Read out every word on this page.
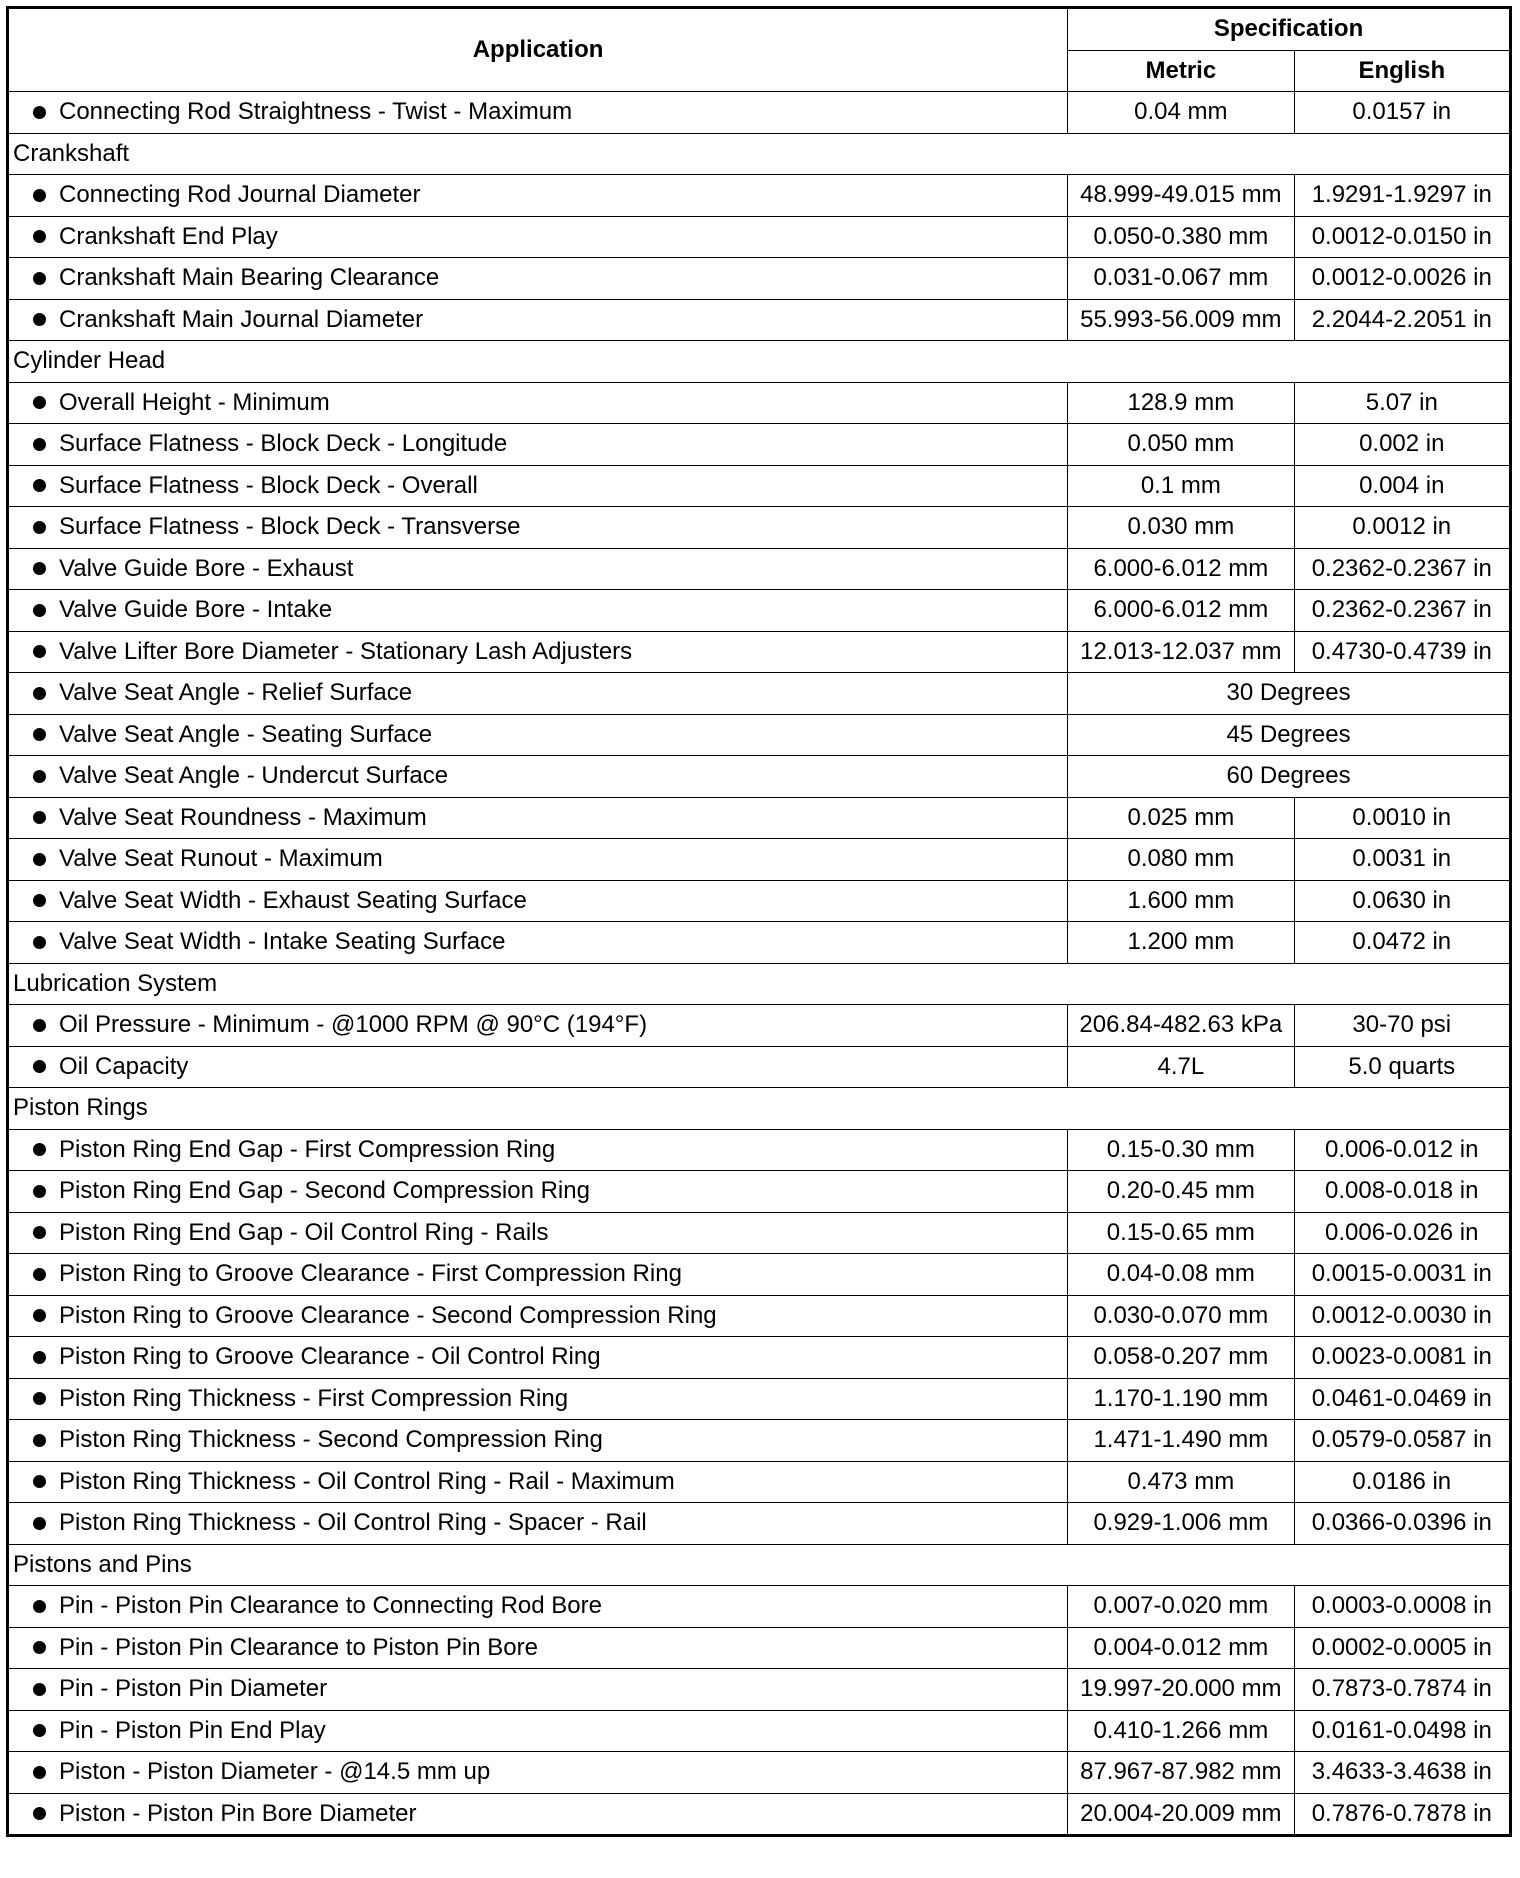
Application	Specification	
	Metric	English

Connecting Rod Straightness - Twist - Maximum	0.04 mm	0.0157 in
Crankshaft		

Connecting Rod Journal Diameter	48.999-49.015 mm	1.9291-1.9297 in

Crankshaft End Play	0.050-0.380 mm	0.0012-0.0150 in

Crankshaft Main Bearing Clearance	0.031-0.067 mm	0.0012-0.0026 in

Crankshaft Main Journal Diameter	55.993-56.009 mm	2.2044-2.2051 in
Cylinder Head		

Overall Height - Minimum	128.9 mm	5.07 in

Surface Flatness - Block Deck - Longitude	0.050 mm	0.002 in

Surface Flatness - Block Deck - Overall	0.1 mm	0.004 in

Surface Flatness - Block Deck - Transverse	0.030 mm	0.0012 in

Valve Guide Bore - Exhaust	6.000-6.012 mm	0.2362-0.2367 in

Valve Guide Bore - Intake	6.000-6.012 mm	0.2362-0.2367 in

Valve Lifter Bore Diameter - Stationary Lash Adjusters	12.013-12.037 mm	0.4730-0.4739 in

Valve Seat Angle - Relief Surface	30 Degrees	

Valve Seat Angle - Seating Surface	45 Degrees	

Valve Seat Angle - Undercut Surface	60 Degrees	

Valve Seat Roundness - Maximum	0.025 mm	0.0010 in

Valve Seat Runout - Maximum	0.080 mm	0.0031 in

Valve Seat Width - Exhaust Seating Surface	1.600 mm	0.0630 in

Valve Seat Width - Intake Seating Surface	1.200 mm	0.0472 in
Lubrication System		

Oil Pressure - Minimum - @1000 RPM @ 90°C (194°F)	206.84-482.63 kPa	30-70 psi

Oil Capacity	4.7L	5.0 quarts
Piston Rings		

Piston Ring End Gap - First Compression Ring	0.15-0.30 mm	0.006-0.012 in

Piston Ring End Gap - Second Compression Ring	0.20-0.45 mm	0.008-0.018 in

Piston Ring End Gap - Oil Control Ring - Rails	0.15-0.65 mm	0.006-0.026 in

Piston Ring to Groove Clearance - First Compression Ring	0.04-0.08 mm	0.0015-0.0031 in

Piston Ring to Groove Clearance - Second Compression Ring	0.030-0.070 mm	0.0012-0.0030 in

Piston Ring to Groove Clearance - Oil Control Ring	0.058-0.207 mm	0.0023-0.0081 in

Piston Ring Thickness - First Compression Ring	1.170-1.190 mm	0.0461-0.0469 in

Piston Ring Thickness - Second Compression Ring	1.471-1.490 mm	0.0579-0.0587 in

Piston Ring Thickness - Oil Control Ring - Rail - Maximum	0.473 mm	0.0186 in

Piston Ring Thickness - Oil Control Ring - Spacer - Rail	0.929-1.006 mm	0.0366-0.0396 in
Pistons and Pins		

Pin - Piston Pin Clearance to Connecting Rod Bore	0.007-0.020 mm	0.0003-0.0008 in

Pin - Piston Pin Clearance to Piston Pin Bore	0.004-0.012 mm	0.0002-0.0005 in

Pin - Piston Pin Diameter	19.997-20.000 mm	0.7873-0.7874 in

Pin - Piston Pin End Play	0.410-1.266 mm	0.0161-0.0498 in

Piston - Piston Diameter - @14.5 mm up	87.967-87.982 mm	3.4633-3.4638 in

Piston - Piston Pin Bore Diameter	20.004-20.009 mm	0.7876-0.7878 in
